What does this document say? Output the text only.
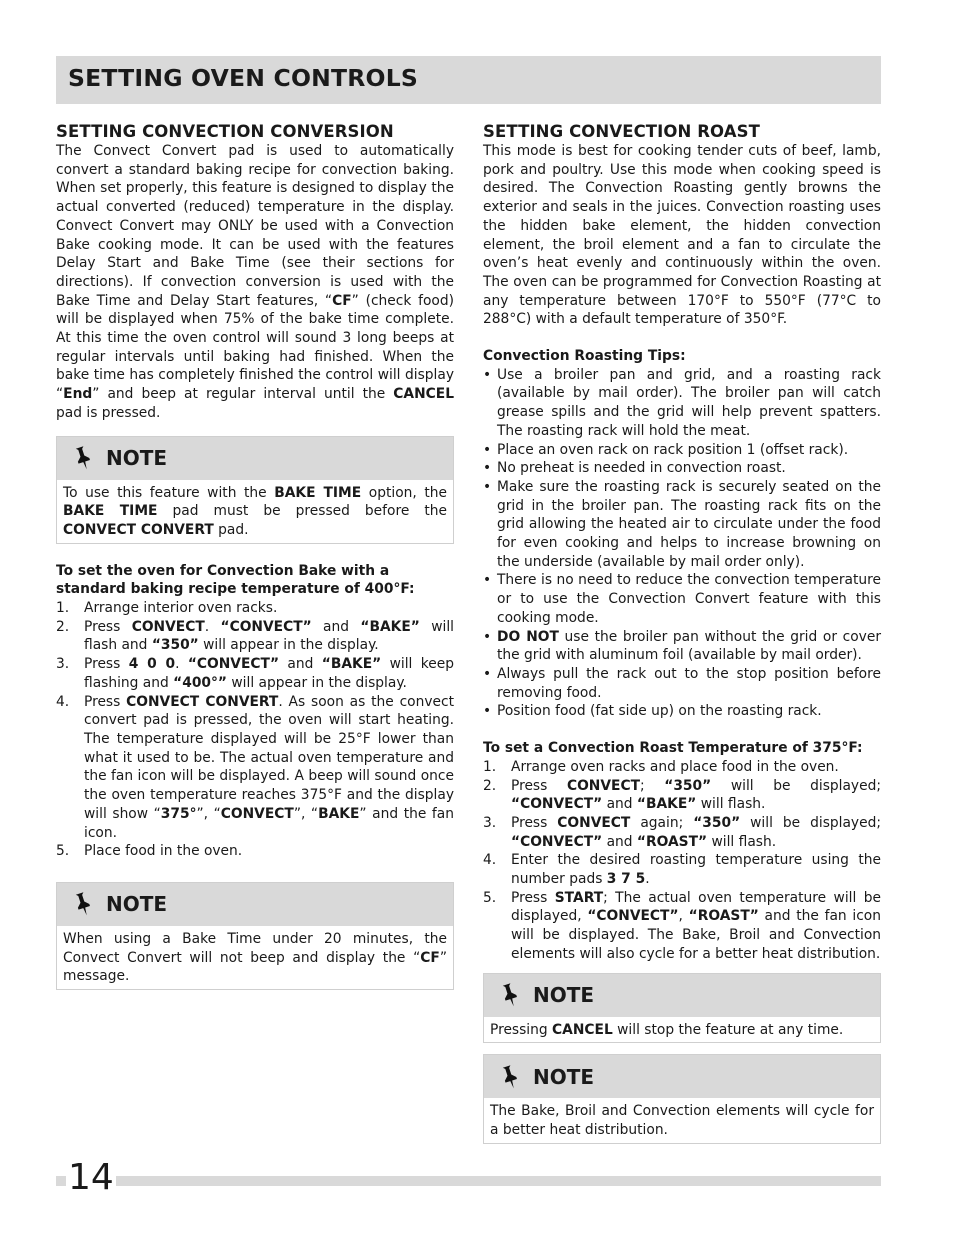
SETTING OVEN CONTROLS
SETTING CONVECTION CONVERSION

The Convect Convert pad is used to automatically convert a standard baking recipe for convection baking. When set properly, this feature is designed to display the actual converted (reduced) temperature in the display. Convect Convert may ONLY be used with a Convection Bake cooking mode. It can be used with the features Delay Start and Bake Time (see their sections for directions). If convection conversion is used with the Bake Time and Delay Start features, “CF” (check food) will be displayed when 75% of the bake time complete. At this time the oven control will sound 3 long beeps at regular intervals until baking had finished. When the bake time has completely finished the control will display “End” and beep at regular interval until the CANCEL pad is pressed.

NOTE

To use this feature with the BAKE TIME option, the BAKE TIME pad must be pressed before the CONVECT CONVERT pad.

To set the oven for Convection Bake with a standard baking recipe temperature of 400°F:

1. Arrange interior oven racks.
2. Press CONVECT. “CONVECT” and “BAKE” will flash and “350” will appear in the display.
3. Press 4 0 0. “CONVECT” and “BAKE” will keep flashing and “400°” will appear in the display.
4. Press CONVECT CONVERT. As soon as the convect convert pad is pressed, the oven will start heating. The temperature displayed will be 25°F lower than what it used to be. The actual oven temperature and the fan icon will be displayed. A beep will sound once the oven temperature reaches 375°F and the display will show “375°”, “CONVECT”, “BAKE” and the fan icon.
5. Place food in the oven.
NOTE

When using a Bake Time under 20 minutes, the Convect Convert will not beep and display the “CF” message.

SETTING CONVECTION ROAST

This mode is best for cooking tender cuts of beef, lamb, pork and poultry. Use this mode when cooking speed is desired. The Convection Roasting gently browns the exterior and seals in the juices. Convection roasting uses the hidden bake element, the hidden convection element, the broil element and a fan to circulate the oven’s heat evenly and continuously within the oven. The oven can be programmed for Convection Roasting at any temperature between 170°F to 550°F (77°C to 288°C) with a default temperature of 350°F.

Convection Roasting Tips:

• Use a broiler pan and grid, and a roasting rack (available by mail order). The broiler pan will catch grease spills and the grid will help prevent spatters. The roasting rack will hold the meat.
• Place an oven rack on rack position 1 (offset rack).
• No preheat is needed in convection roast.
• Make sure the roasting rack is securely seated on the grid in the broiler pan. The roasting rack fits on the grid allowing the heated air to circulate under the food for even cooking and helps to increase browning on the underside (available by mail order only).
• There is no need to reduce the convection temperature or to use the Convection Convert feature with this cooking mode.
• DO NOT use the broiler pan without the grid or cover the grid with aluminum foil (available by mail order).
• Always pull the rack out to the stop position before removing food.
• Position food (fat side up) on the roasting rack.

To set a Convection Roast Temperature of 375°F:

1. Arrange oven racks and place food in the oven.
2. Press CONVECT; “350” will be displayed; “CONVECT” and “BAKE” will flash.
3. Press CONVECT again; “350” will be displayed; “CONVECT” and “ROAST” will flash.
4. Enter the desired roasting temperature using the number pads 3 7 5.
5. Press START; The actual oven temperature will be displayed, “CONVECT”, “ROAST” and the fan icon will be displayed. The Bake, Broil and Convection elements will also cycle for a better heat distribution.
NOTE

Pressing CANCEL will stop the feature at any time.

NOTE

The Bake, Broil and Convection elements will cycle for a better heat distribution.

14
